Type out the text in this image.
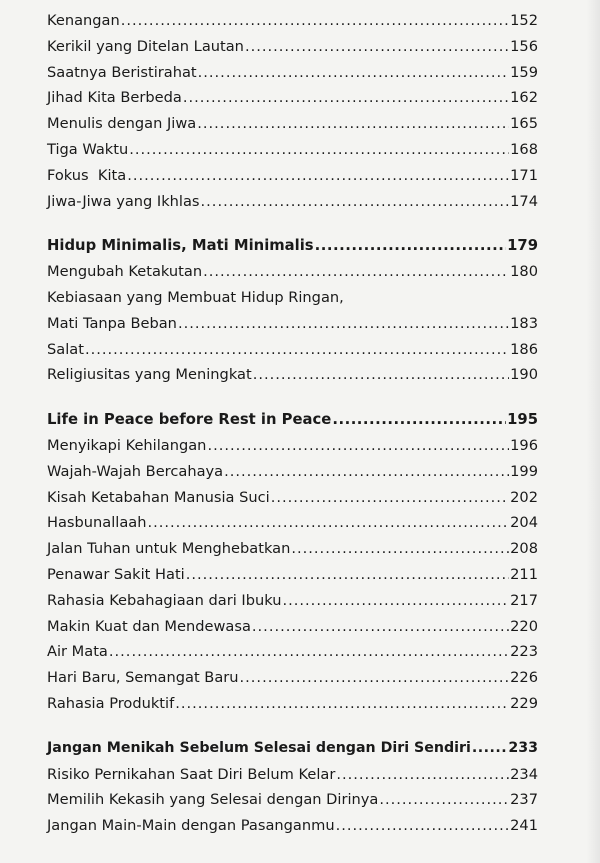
Kenangan .....	152
Kerikil yang Ditelan Lautan .....	156
Saatnya Beristirahat .....	159
Jihad Kita Berbeda .....	162
Menulis dengan Jiwa .....	165
Tiga Waktu .....	168
Fokus  Kita .....	171
Jiwa-Jiwa yang Ikhlas .....	174
Hidup Minimalis, Mati Minimalis .....	179
Mengubah Ketakutan .....	180
Kebiasaan yang Membuat Hidup Ringan,
Mati Tanpa Beban .....	183
Salat .....	186
Religiusitas yang Meningkat .....	190
Life in Peace before Rest in Peace .....	195
Menyikapi Kehilangan .....	196
Wajah-Wajah Bercahaya .....	199
Kisah Ketabahan Manusia Suci .....	202
Hasbunallaah .....	204
Jalan Tuhan untuk Menghebatkan .....	208
Penawar Sakit Hati .....	211
Rahasia Kebahagiaan dari Ibuku .....	217
Makin Kuat dan Mendewasa .....	220
Air Mata .....	223
Hari Baru, Semangat Baru .....	226
Rahasia Produktif .....	229
Jangan Menikah Sebelum Selesai dengan Diri Sendiri .....	233
Risiko Pernikahan Saat Diri Belum Kelar .....	234
Memilih Kekasih yang Selesai dengan Dirinya .....	237
Jangan Main-Main dengan Pasanganmu .....	241
